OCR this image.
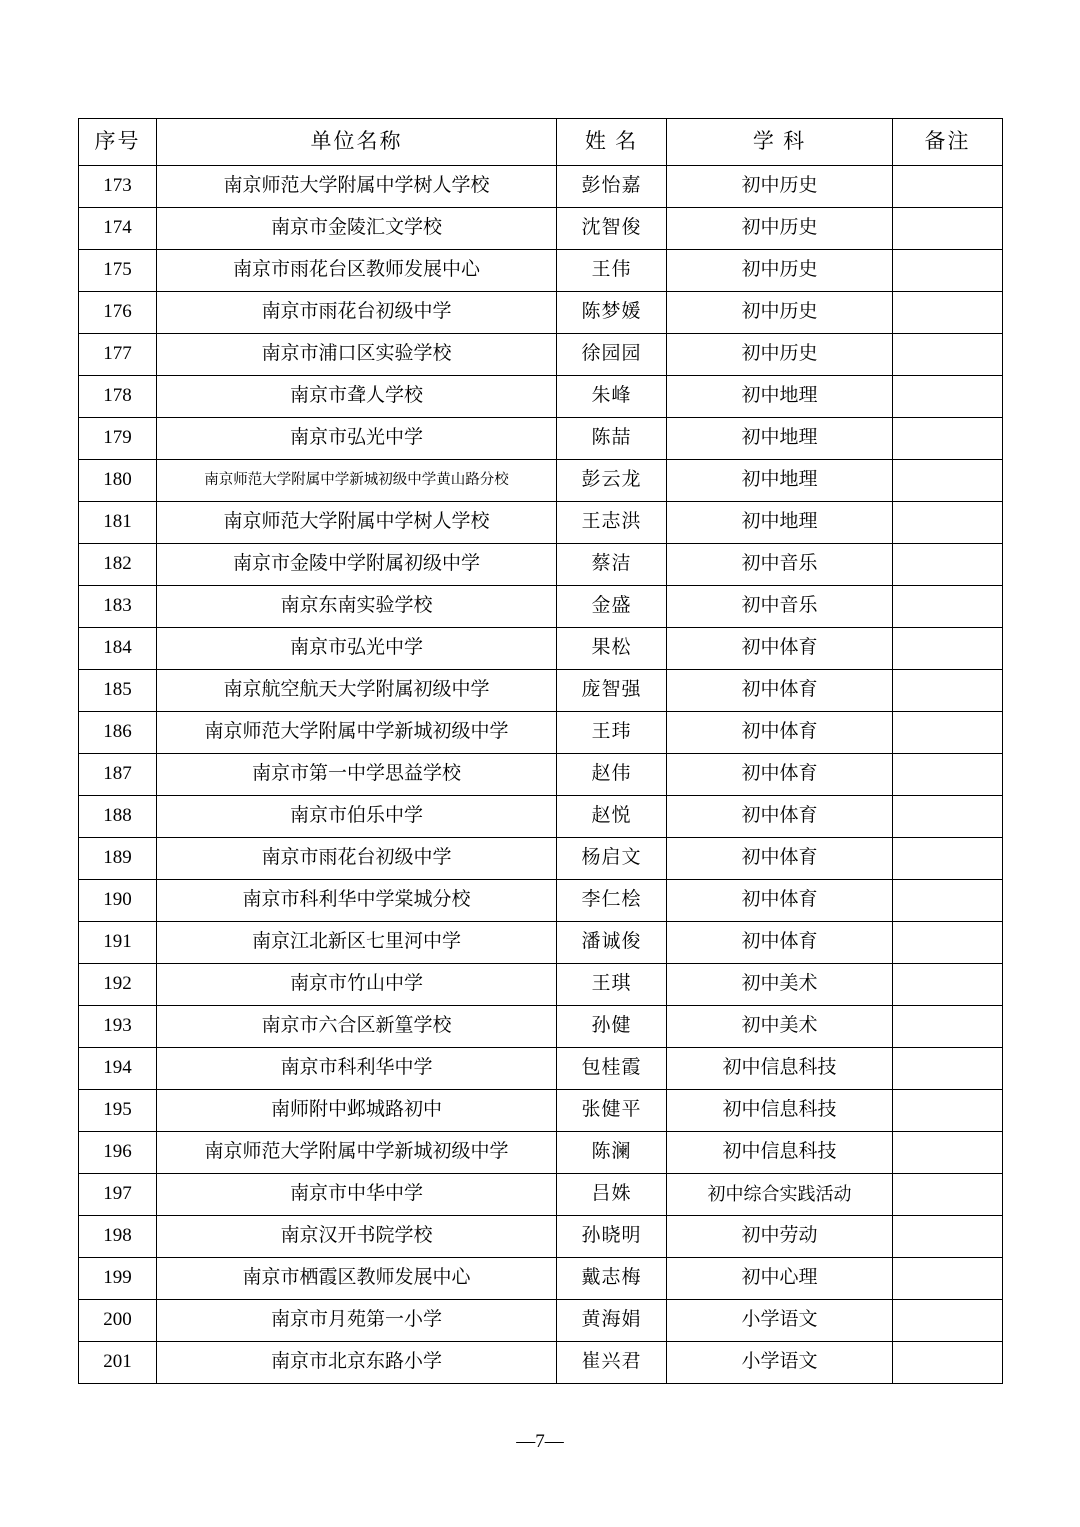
序号	单位名称	姓 名	学 科	备注
173	南京师范大学附属中学树人学校	彭怡嘉	初中历史	
174	南京市金陵汇文学校	沈智俊	初中历史	
175	南京市雨花台区教师发展中心	王伟	初中历史	
176	南京市雨花台初级中学	陈梦媛	初中历史	
177	南京市浦口区实验学校	徐园园	初中历史	
178	南京市聋人学校	朱峰	初中地理	
179	南京市弘光中学	陈喆	初中地理	
180	南京师范大学附属中学新城初级中学黄山路分校	彭云龙	初中地理	
181	南京师范大学附属中学树人学校	王志洪	初中地理	
182	南京市金陵中学附属初级中学	蔡洁	初中音乐	
183	南京东南实验学校	金盛	初中音乐	
184	南京市弘光中学	果松	初中体育	
185	南京航空航天大学附属初级中学	庞智强	初中体育	
186	南京师范大学附属中学新城初级中学	王玮	初中体育	
187	南京市第一中学思益学校	赵伟	初中体育	
188	南京市伯乐中学	赵悦	初中体育	
189	南京市雨花台初级中学	杨启文	初中体育	
190	南京市科利华中学棠城分校	李仁桧	初中体育	
191	南京江北新区七里河中学	潘诚俊	初中体育	
192	南京市竹山中学	王琪	初中美术	
193	南京市六合区新篁学校	孙健	初中美术	
194	南京市科利华中学	包桂霞	初中信息科技	
195	南师附中邺城路初中	张健平	初中信息科技	
196	南京师范大学附属中学新城初级中学	陈澜	初中信息科技	
197	南京市中华中学	吕姝	初中综合实践活动	
198	南京汉开书院学校	孙晓明	初中劳动	
199	南京市栖霞区教师发展中心	戴志梅	初中心理	
200	南京市月苑第一小学	黄海娟	小学语文	
201	南京市北京东路小学	崔兴君	小学语文	
—7—
